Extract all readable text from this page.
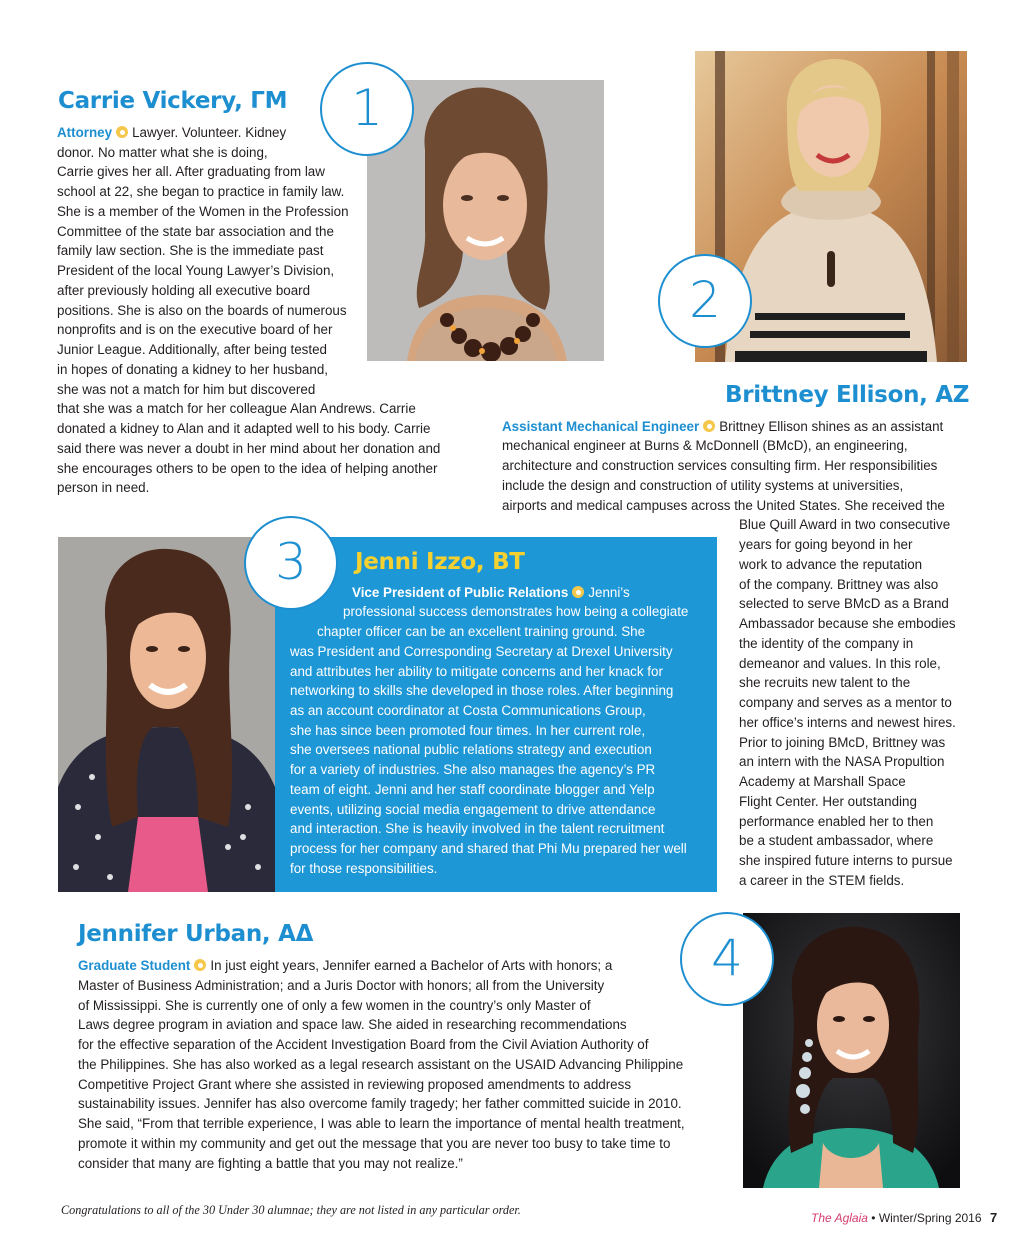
1
Carrie Vickery, ΓΜ
Attorney Lawyer. Volunteer. Kidney
donor. No matter what she is doing,
Carrie gives her all. After graduating from law
school at 22, she began to practice in family law.
She is a member of the Women in the Profession
Committee of the state bar association and the
family law section. She is the immediate past
President of the local Young Lawyer’s Division,
after previously holding all executive board
positions. She is also on the boards of numerous
nonprofits and is on the executive board of her
Junior League. Additionally, after being tested
in hopes of donating a kidney to her husband,
she was not a match for him but discovered
that she was a match for her colleague Alan Andrews. Carrie
donated a kidney to Alan and it adapted well to his body. Carrie
said there was never a doubt in her mind about her donation and
she encourages others to be open to the idea of helping another
person in need.
2
Brittney Ellison, AZ
Assistant Mechanical Engineer Brittney Ellison shines as an assistant
mechanical engineer at Burns & McDonnell (BMcD), an engineering,
architecture and construction services consulting firm. Her responsibilities
include the design and construction of utility systems at universities,
airports and medical campuses across the United States. She received the
Blue Quill Award in two consecutive
years for going beyond in her
work to advance the reputation
of the company. Brittney was also
selected to serve BMcD as a Brand
Ambassador because she embodies
the identity of the company in
demeanor and values. In this role,
she recruits new talent to the
company and serves as a mentor to
her office’s interns and newest hires.
Prior to joining BMcD, Brittney was
an intern with the NASA Propultion
Academy at Marshall Space
Flight Center. Her outstanding
performance enabled her to then
be a student ambassador, where
she inspired future interns to pursue
a career in the STEM fields.
3	Jenni Izzo, BT
Vice President of Public Relations Jenni’s
professional success demonstrates how being a collegiate
chapter officer can be an excellent training ground. She
was President and Corresponding Secretary at Drexel University
and attributes her ability to mitigate concerns and her knack for
networking to skills she developed in those roles. After beginning
as an account coordinator at Costa Communications Group,
she has since been promoted four times. In her current role,
she oversees national public relations strategy and execution
for a variety of industries. She also manages the agency’s PR
team of eight. Jenni and her staff coordinate blogger and Yelp
events, utilizing social media engagement to drive attendance
and interaction. She is heavily involved in the talent recruitment
process for her company and shared that Phi Mu prepared her well
for those responsibilities.
4
Jennifer Urban, AΔ
Graduate Student In just eight years, Jennifer earned a Bachelor of Arts with honors; a
Master of Business Administration; and a Juris Doctor with honors; all from the University
of Mississippi. She is currently one of only a few women in the country’s only Master of
Laws degree program in aviation and space law. She aided in researching recommendations
for the effective separation of the Accident Investigation Board from the Civil Aviation Authority of
the Philippines. She has also worked as a legal research assistant on the USAID Advancing Philippine
Competitive Project Grant where she assisted in reviewing proposed amendments to address
sustainability issues. Jennifer has also overcome family tragedy; her father committed suicide in 2010.
She said, “From that terrible experience, I was able to learn the importance of mental health treatment,
promote it within my community and get out the message that you are never too busy to take time to
consider that many are fighting a battle that you may not realize.”
Congratulations to all of the 30 Under 30 alumnae; they are not listed in any particular order.
The Aglaia • Winter/Spring 2016 7
